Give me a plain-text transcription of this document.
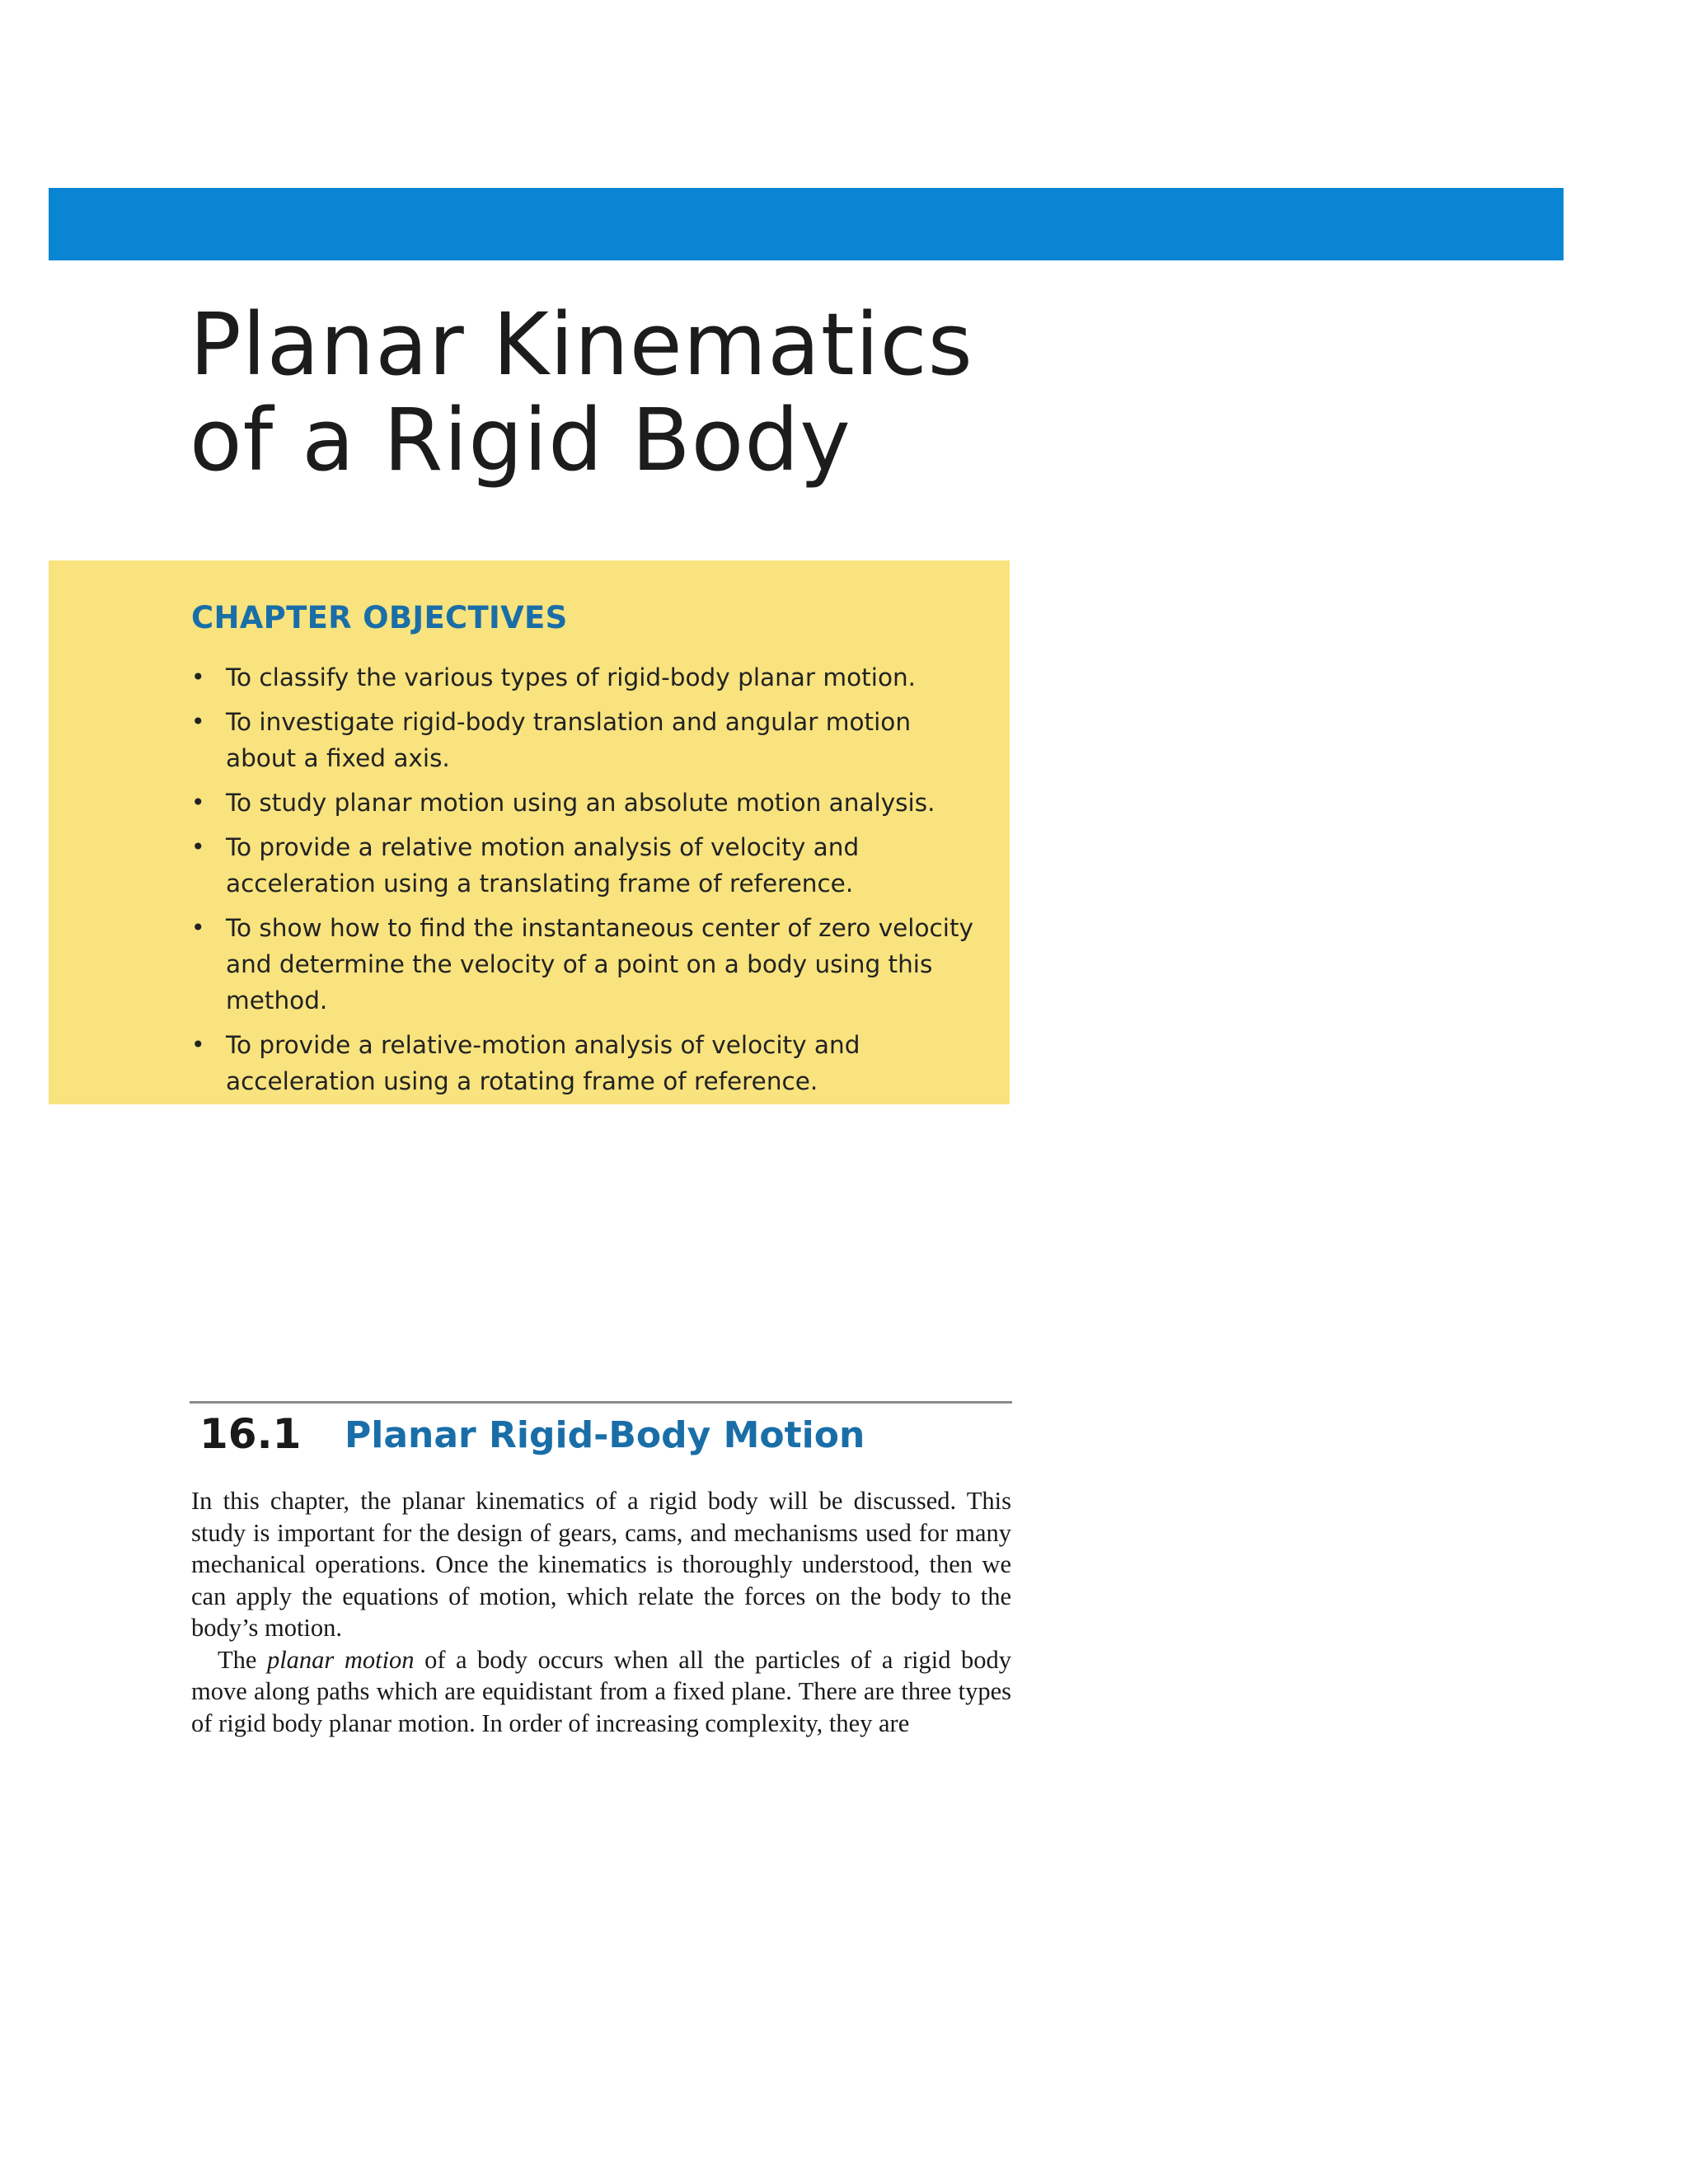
Planar Kinematics
of a Rigid Body
CHAPTER OBJECTIVES
• To classify the various types of rigid-body planar motion.
• To investigate rigid-body translation and angular motion about a fixed axis.
• To study planar motion using an absolute motion analysis.
• To provide a relative motion analysis of velocity and acceleration using a translating frame of reference.
• To show how to find the instantaneous center of zero velocity and determine the velocity of a point on a body using this method.
• To provide a relative-motion analysis of velocity and acceleration using a rotating frame of reference.
16.1 Planar Rigid-Body Motion

In this chapter, the planar kinematics of a rigid body will be discussed. This study is important for the design of gears, cams, and mechanisms used for many mechanical operations. Once the kinematics is thoroughly understood, then we can apply the equations of motion, which relate the forces on the body to the body’s motion.

The planar motion of a body occurs when all the particles of a rigid body move along paths which are equidistant from a fixed plane. There are three types of rigid body planar motion. In order of increasing complexity, they are
